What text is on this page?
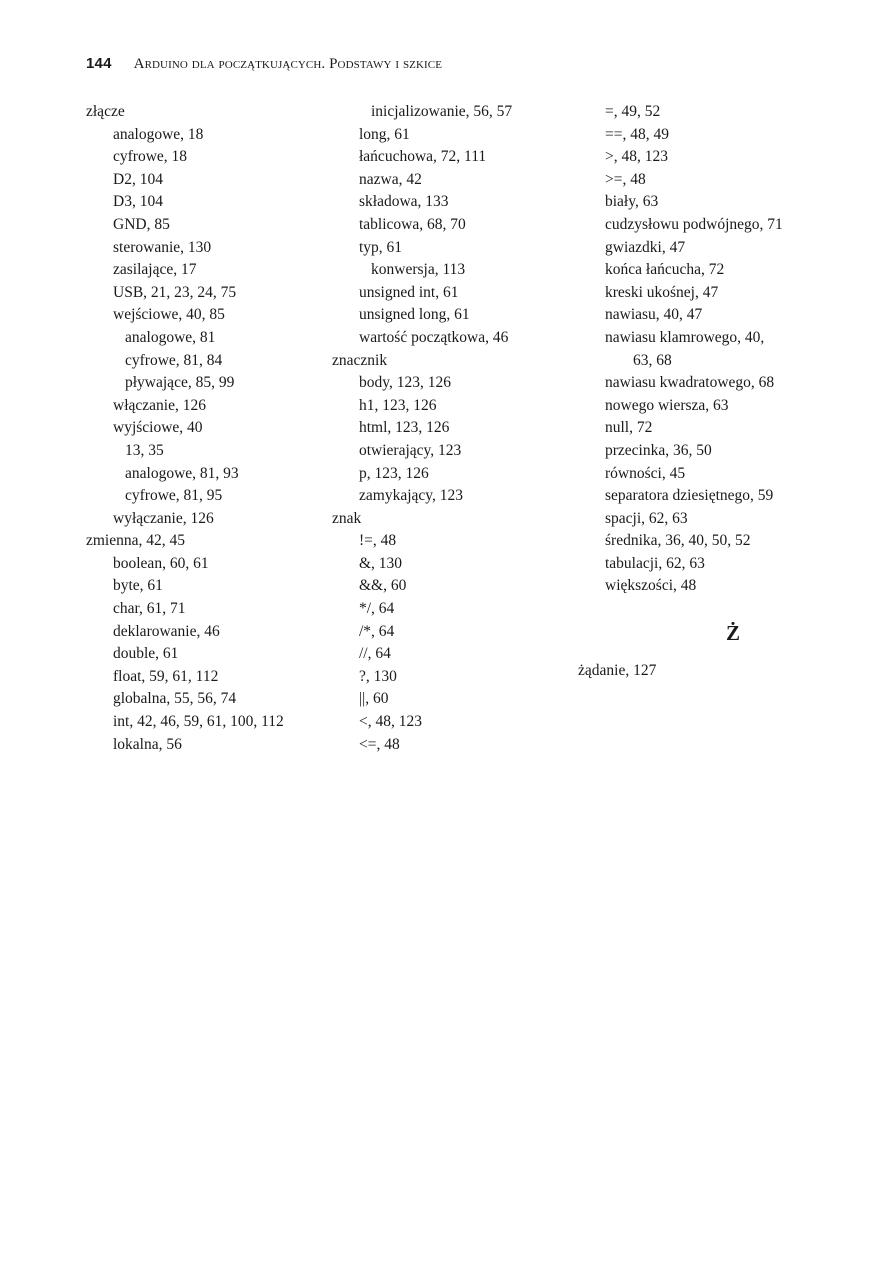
144 Arduino dla początkujących. Podstawy i szkice
złącze
analogowe, 18
cyfrowe, 18
D2, 104
D3, 104
GND, 85
sterowanie, 130
zasilające, 17
USB, 21, 23, 24, 75
wejściowe, 40, 85
analogowe, 81
cyfrowe, 81, 84
pływające, 85, 99
włączanie, 126
wyjściowe, 40
13, 35
analogowe, 81, 93
cyfrowe, 81, 95
wyłączanie, 126
zmienna, 42, 45
boolean, 60, 61
byte, 61
char, 61, 71
deklarowanie, 46
double, 61
float, 59, 61, 112
globalna, 55, 56, 74
int, 42, 46, 59, 61, 100, 112
lokalna, 56
inicjalizowanie, 56, 57
long, 61
łańcuchowa, 72, 111
nazwa, 42
składowa, 133
tablicowa, 68, 70
typ, 61
konwersja, 113
unsigned int, 61
unsigned long, 61
wartość początkowa, 46
znacznik
body, 123, 126
h1, 123, 126
html, 123, 126
otwierający, 123
p, 123, 126
zamykający, 123
znak
!=, 48
&, 130
&&, 60
*/, 64
/*, 64
//, 64
?, 130
||, 60
<, 48, 123
<=, 48
=, 49, 52
==, 48, 49
>, 48, 123
>=, 48
biały, 63
cudzysłowu podwójnego, 71
gwiazdki, 47
końca łańcucha, 72
kreski ukośnej, 47
nawiasu, 40, 47
nawiasu klamrowego, 40,
63, 68
nawiasu kwadratowego, 68
nowego wiersza, 63
null, 72
przecinka, 36, 50
równości, 45
separatora dziesiętnego, 59
spacji, 62, 63
średnika, 36, 40, 50, 52
tabulacji, 62, 63
większości, 48
Ż
żądanie, 127
